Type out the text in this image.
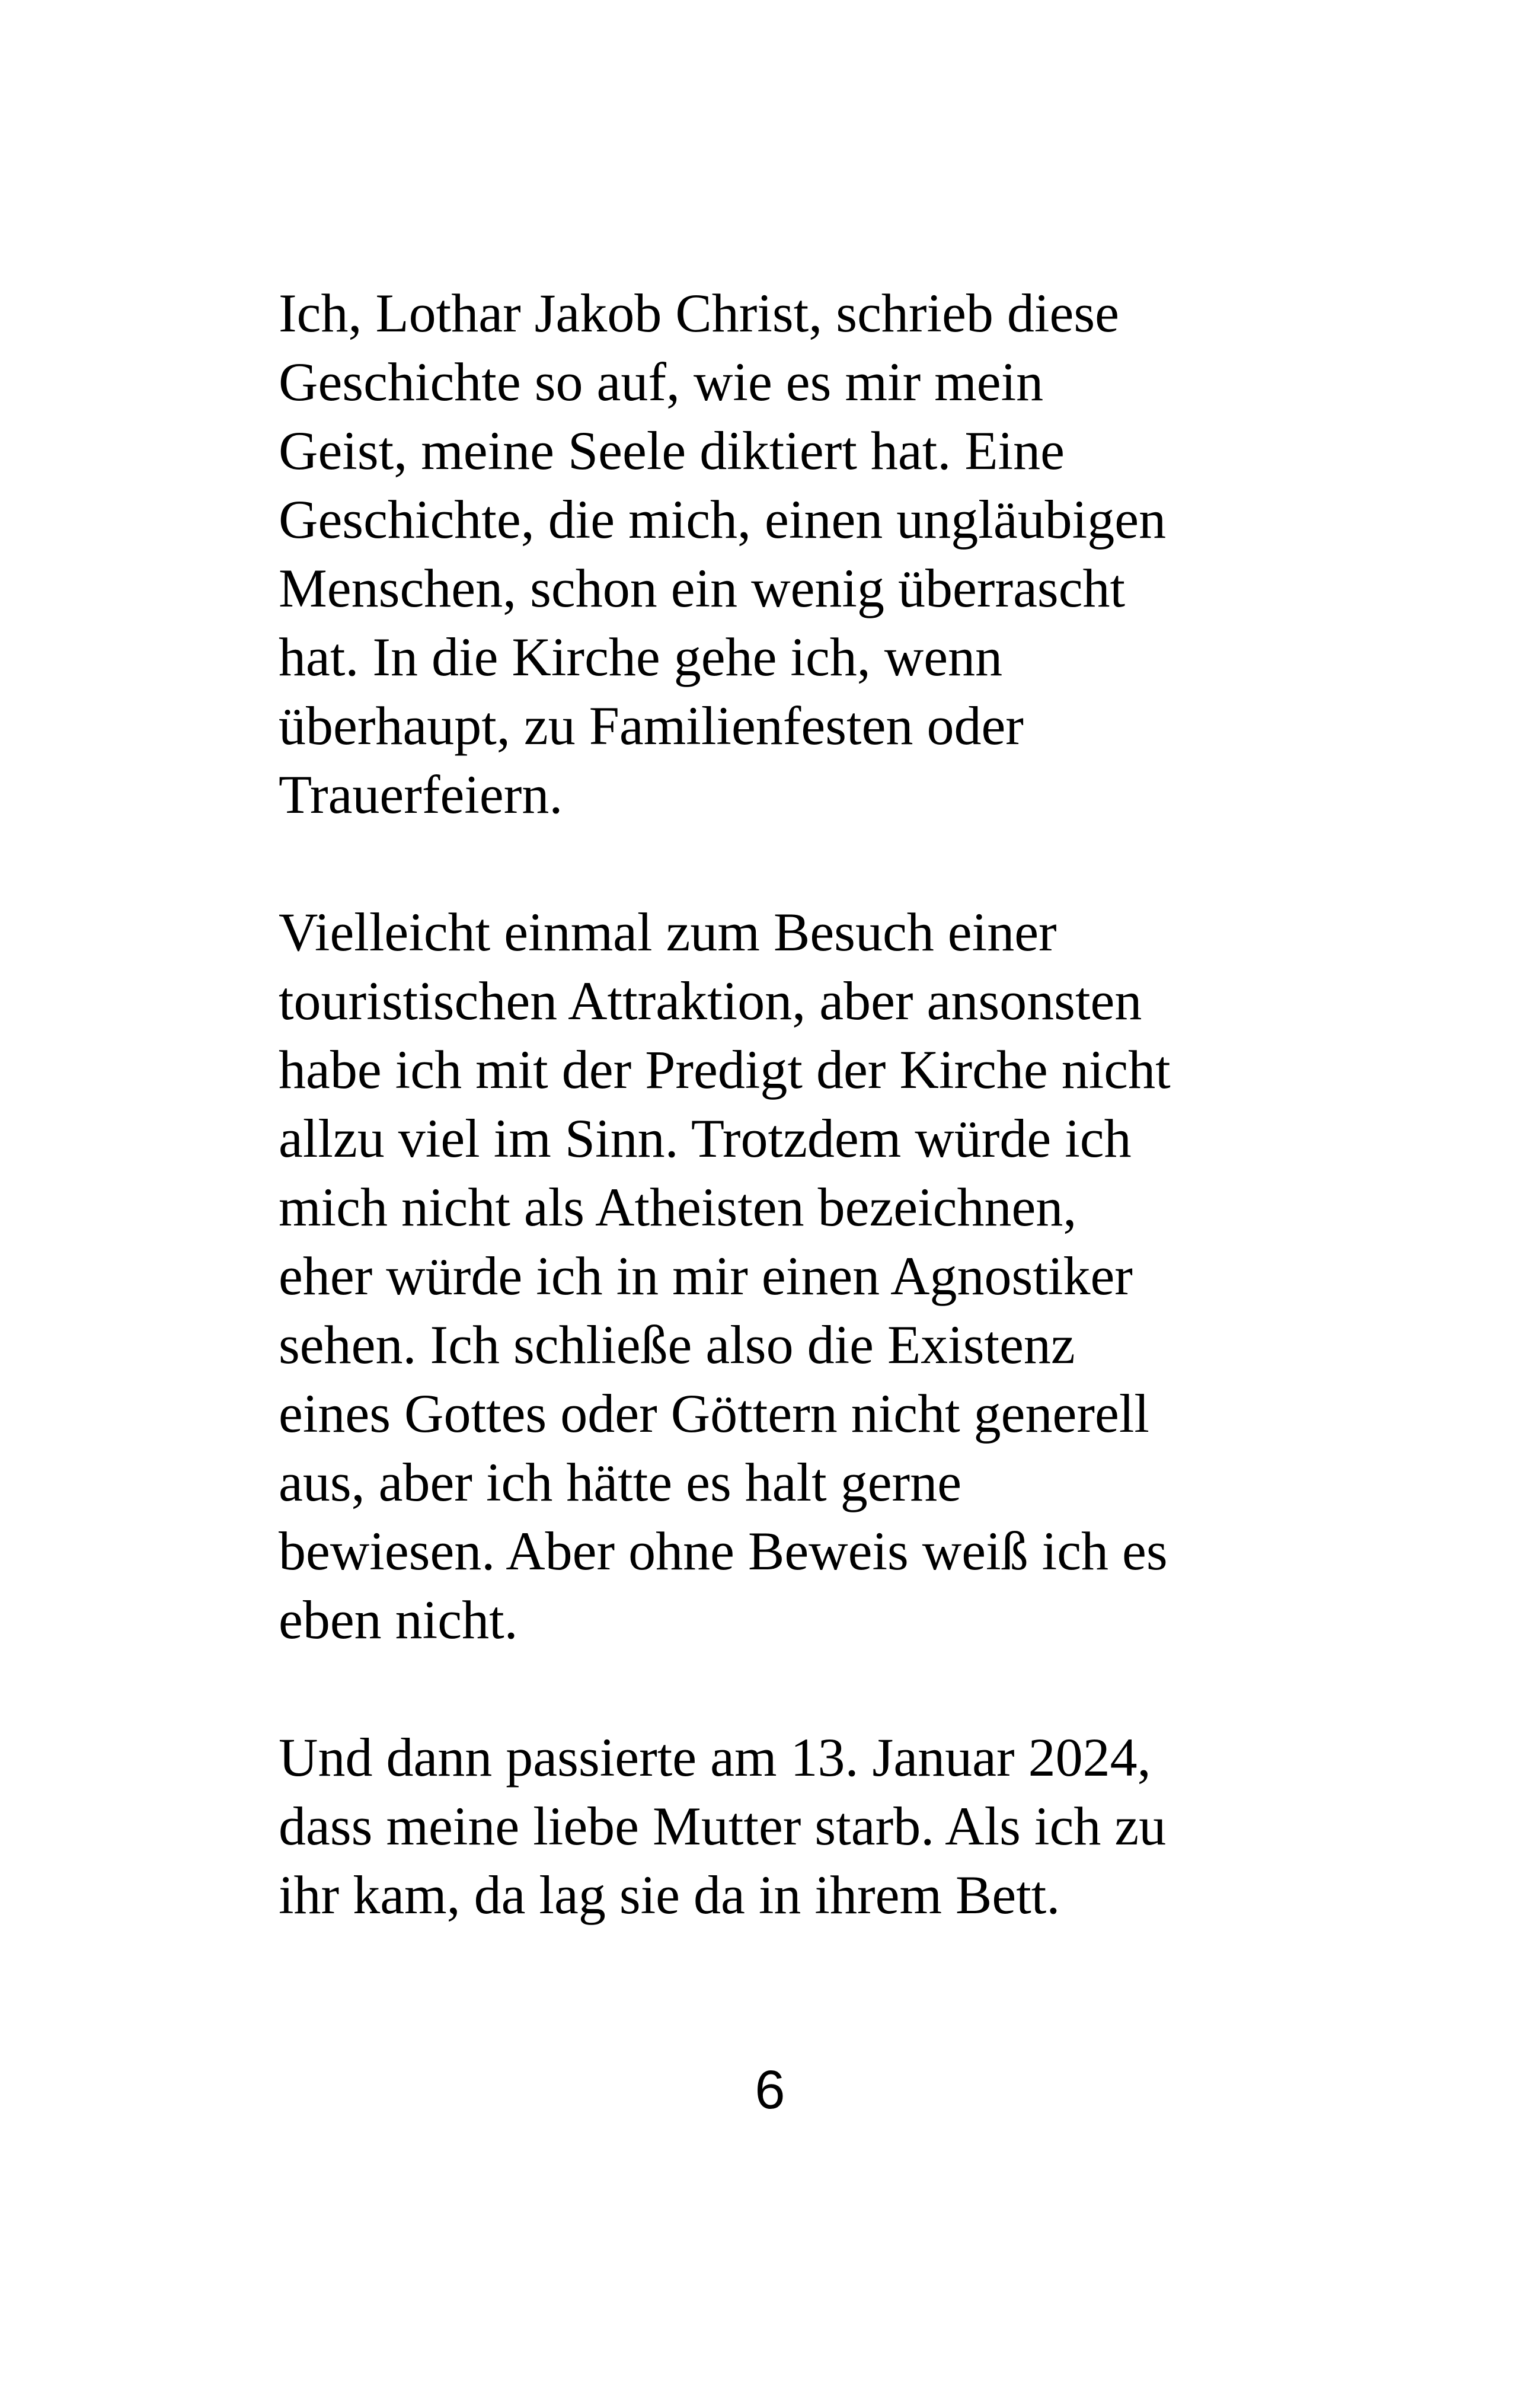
Ich, Lothar Jakob Christ, schrieb diese
Geschichte so auf, wie es mir mein
Geist, meine Seele diktiert hat. Eine
Geschichte, die mich, einen ungläubigen
Menschen, schon ein wenig überrascht
hat. In die Kirche gehe ich, wenn
überhaupt, zu Familienfesten oder
Trauerfeiern.

Vielleicht einmal zum Besuch einer
touristischen Attraktion, aber ansonsten
habe ich mit der Predigt der Kirche nicht
allzu viel im Sinn. Trotzdem würde ich
mich nicht als Atheisten bezeichnen,
eher würde ich in mir einen Agnostiker
sehen. Ich schließe also die Existenz
eines Gottes oder Göttern nicht generell
aus, aber ich hätte es halt gerne
bewiesen. Aber ohne Beweis weiß ich es
eben nicht.

Und dann passierte am 13. Januar 2024,
dass meine liebe Mutter starb. Als ich zu
ihr kam, da lag sie da in ihrem Bett.

6
